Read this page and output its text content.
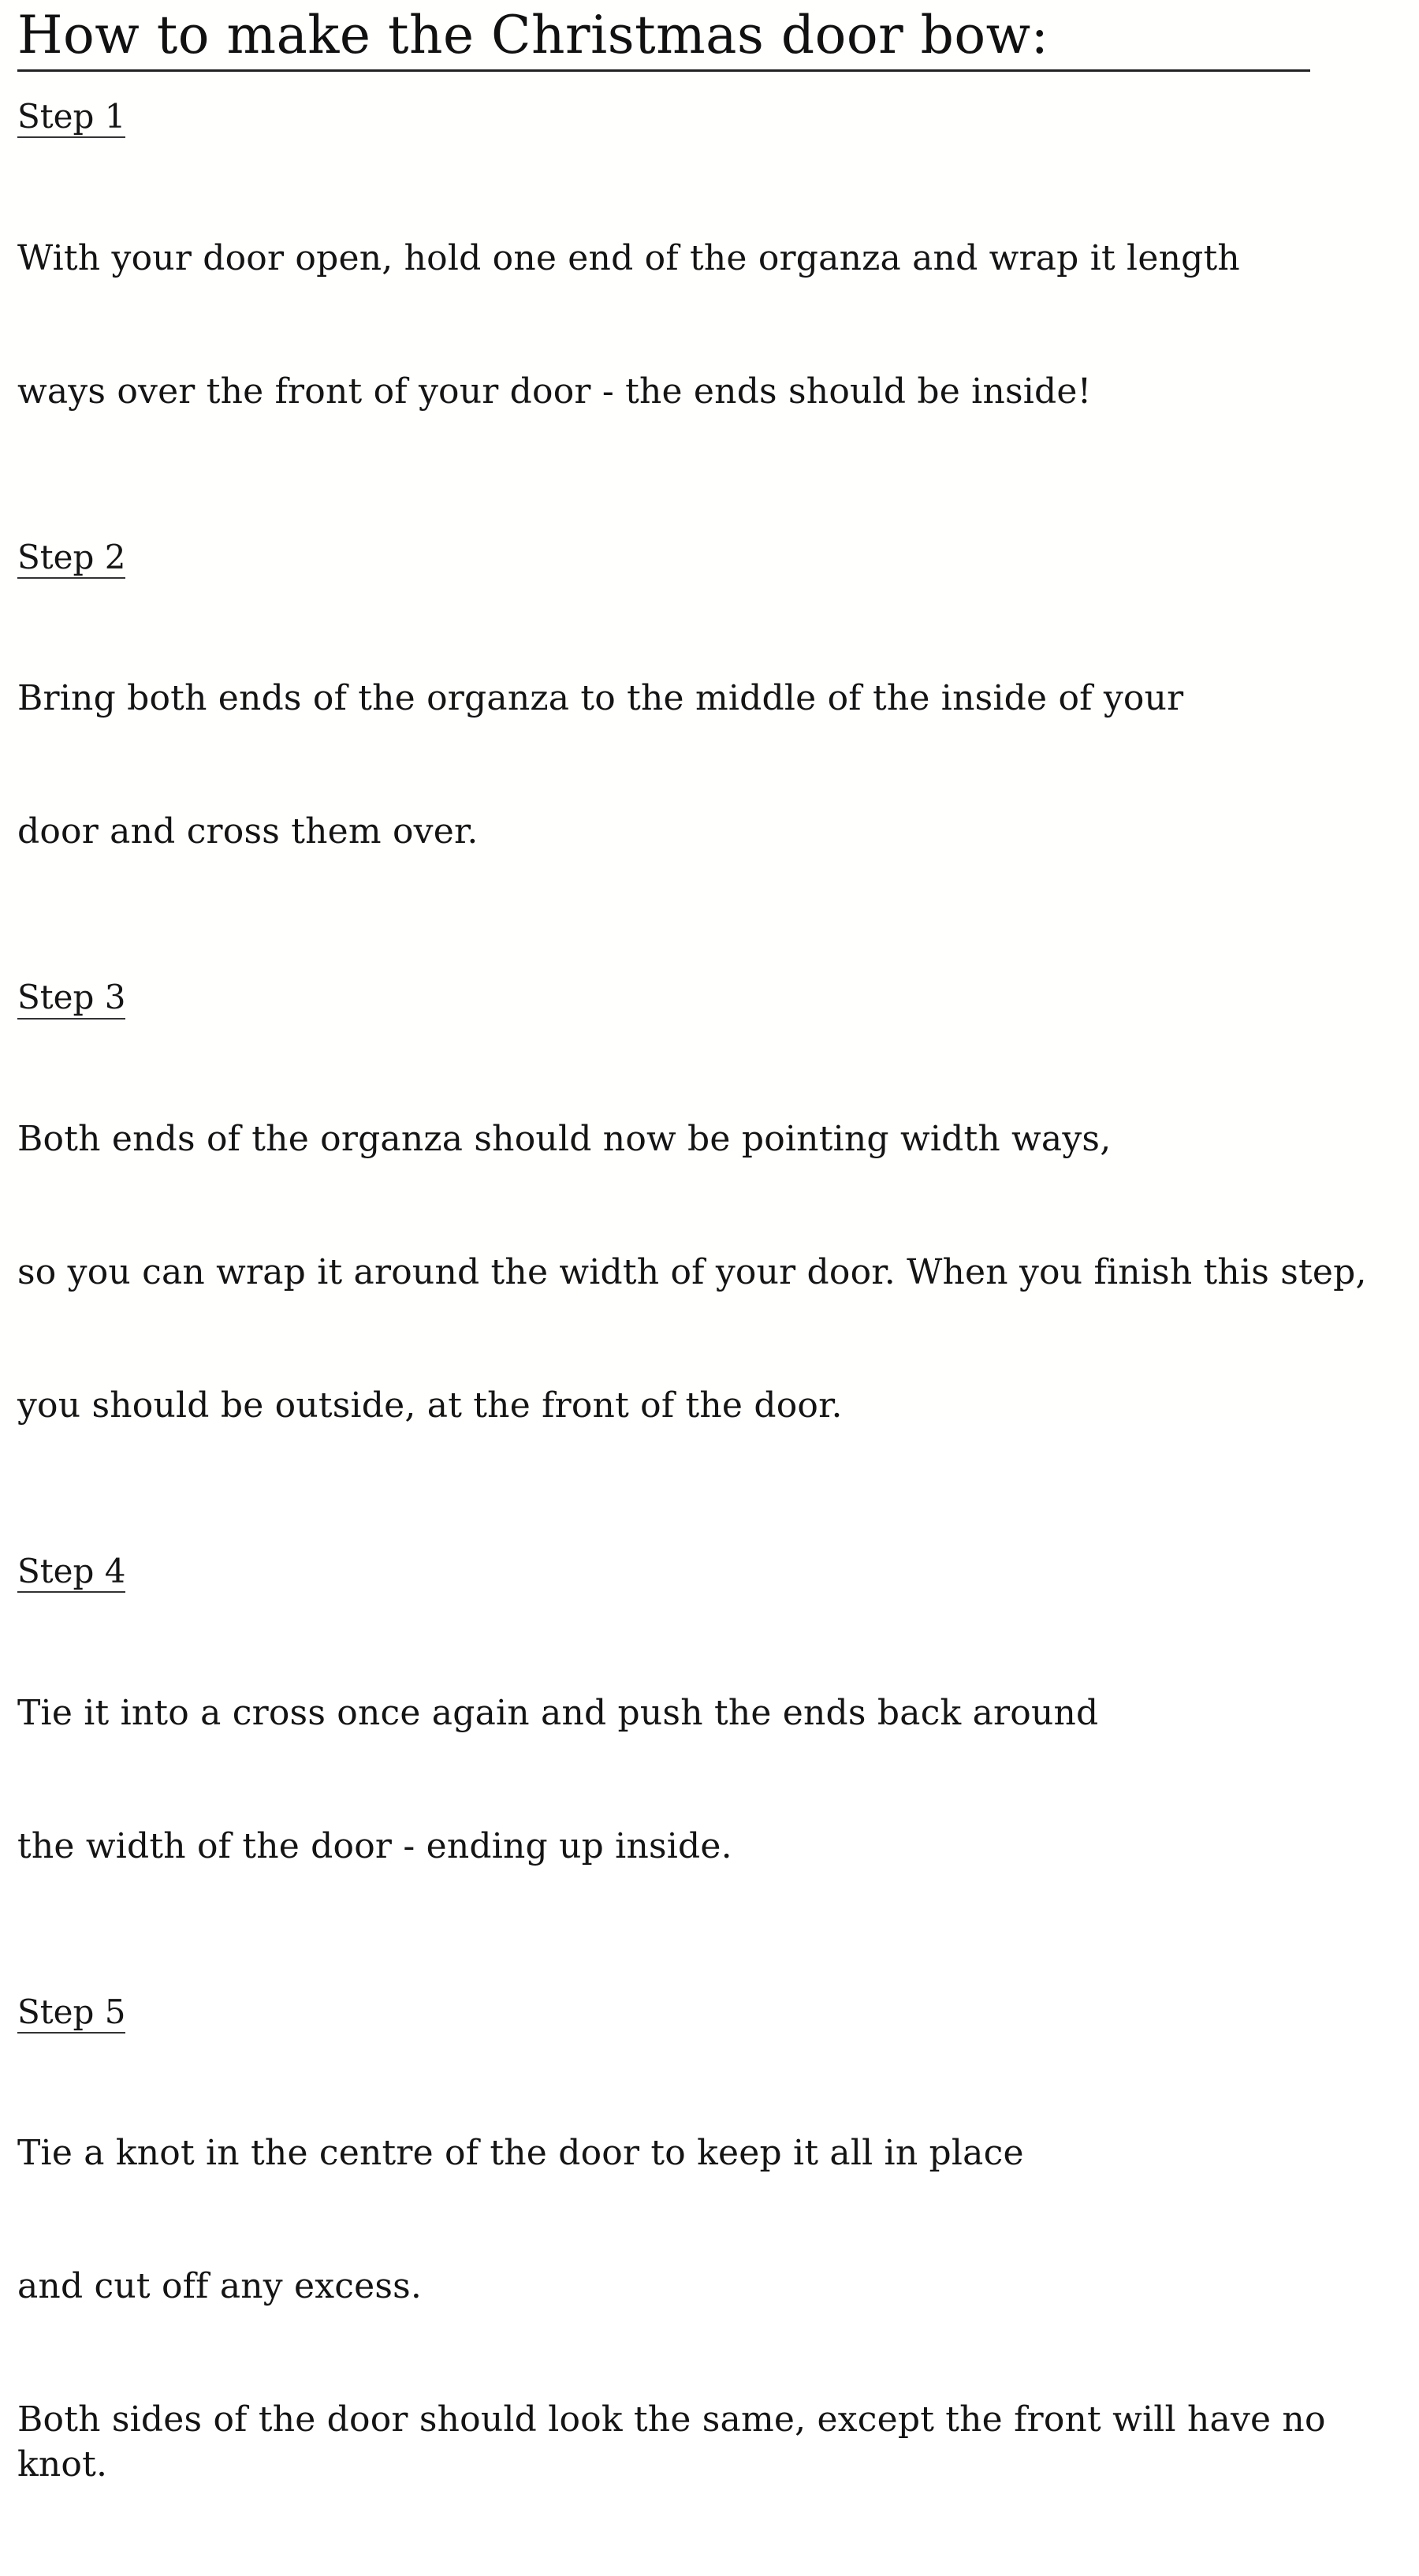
How to make the Christmas door bow:
Step 1

With your door open, hold one end of the organza and wrap it length

ways over the front of your door - the ends should be inside!

Step 2

Bring both ends of the organza to the middle of the inside of your

door and cross them over.

Step 3

Both ends of the organza should now be pointing width ways,

so you can wrap it around the width of your door. When you finish this step,

you should be outside, at the front of the door.

Step 4

Tie it into a cross once again and push the ends back around

the width of the door - ending up inside.

Step 5

Tie a knot in the centre of the door to keep it all in place

and cut off any excess.

Both sides of the door should look the same, except the front will have no knot.
